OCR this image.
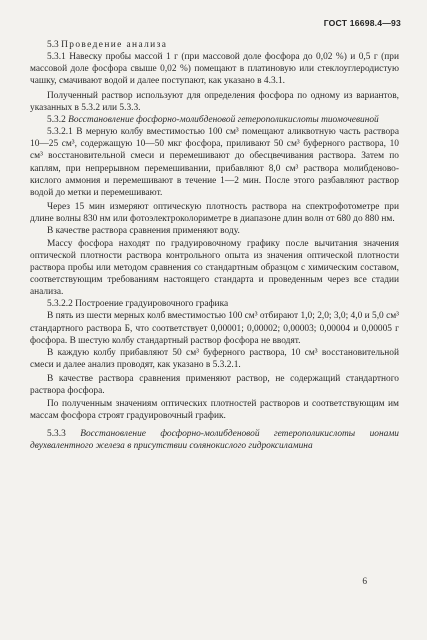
ГОСТ 16698.4—93

5.3 Проведение анализа

5.3.1 Навеску пробы массой 1 г (при массовой доле фосфора до 0,02 %) и 0,5 г (при массовой доле фосфора свыше 0,02 %) помещают в платиновую или стеклоуглеродистую чашку, смачивают водой и далее поступают, как указано в 4.3.1.

Полученный раствор используют для определения фосфора по одному из вариантов, указанных в 5.3.2 или 5.3.3.

5.3.2 Восстановление фосфорно-молибденовой гетерополикислоты тиомочевиной

5.3.2.1 В мерную колбу вместимостью 100 см³ помещают аликвотную часть раствора 10—25 см³, содержащую 10—50 мкг фосфора, приливают 50 см³ буферного раствора, 10 см³ восстановительной смеси и перемешивают до обесцвечивания раствора. Затем по каплям, при непрерывном перемешивании, прибавляют 8,0 см³ раствора молибденово-кислого аммония и перемешивают в течение 1—2 мин. После этого разбавляют раствор водой до метки и перемешивают.

Через 15 мин измеряют оптическую плотность раствора на спектрофотометре при длине волны 830 нм или фотоэлектроколориметре в диапазоне длин волн от 680 до 880 нм.

В качестве раствора сравнения применяют воду.

Массу фосфора находят по градуировочному графику после вычитания значения оптической плотности раствора контрольного опыта из значения оптической плотности раствора пробы или методом сравнения со стандартным образцом с химическим составом, соответствующим требованиям настоящего стандарта и проведенным через все стадии анализа.

5.3.2.2 Построение градуировочного графика

В пять из шести мерных колб вместимостью 100 см³ отбирают 1,0; 2,0; 3,0; 4,0 и 5,0 см³ стандартного раствора Б, что соответствует 0,00001; 0,00002; 0,00003; 0,00004 и 0,00005 г фосфора. В шестую колбу стандартный раствор фосфора не вводят.

В каждую колбу прибавляют 50 см³ буферного раствора, 10 см³ восстановительной смеси и далее анализ проводят, как указано в 5.3.2.1.

В качестве раствора сравнения применяют раствор, не содержащий стандартного раствора фосфора.

По полученным значениям оптических плотностей растворов и соответствующим им массам фосфора строят градуировочный график.

5.3.3 Восстановление фосфорно-молибденовой гетерополикислоты ионами двухвалентного железа в присутствии солянокислого гидроксиламина

6
